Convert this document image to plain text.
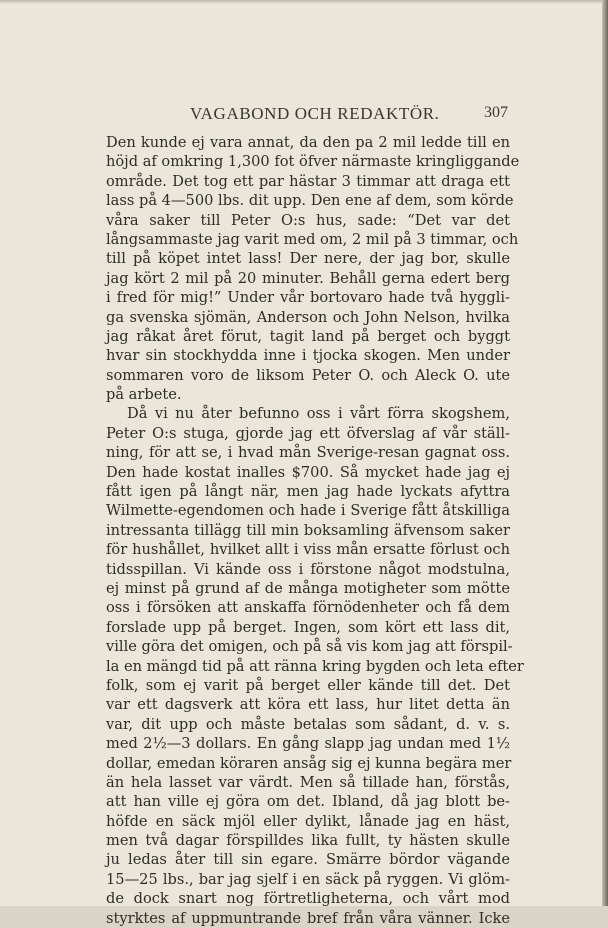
VAGABOND OCH REDAKTÖR.	307
Den kunde ej vara annat, da den pa 2 mil ledde till en
höjd af omkring 1,300 fot öfver närmaste kringliggande
område. Det tog ett par hästar 3 timmar att draga ett
lass på 4—500 lbs. dit upp. Den ene af dem, som körde
våra saker till Peter O:s hus, sade: “Det var det
långsammaste jag varit med om, 2 mil på 3 timmar, och
till på köpet intet lass! Der nere, der jag bor, skulle
jag kört 2 mil på 20 minuter. Behåll gerna edert berg
i fred för mig!” Under vår bortovaro hade två hyggli-
ga svenska sjömän, Anderson och John Nelson, hvilka
jag råkat året förut, tagit land på berget och byggt
hvar sin stockhydda inne i tjocka skogen. Men under
sommaren voro de liksom Peter O. och Aleck O. ute
på arbete.
Då vi nu åter befunno oss i vårt förra skogshem,
Peter O:s stuga, gjorde jag ett öfverslag af vår ställ-
ning, för att se, i hvad mån Sverige-resan gagnat oss.
Den hade kostat inalles $700. Så mycket hade jag ej
fått igen på långt när, men jag hade lyckats afyttra
Wilmette-egendomen och hade i Sverige fått åtskilliga
intressanta tillägg till min boksamling äfvensom saker
för hushållet, hvilket allt i viss mån ersatte förlust och
tidsspillan. Vi kände oss i förstone något modstulna,
ej minst på grund af de många motigheter som mötte
oss i försöken att anskaffa förnödenheter och få dem
forslade upp på berget. Ingen, som kört ett lass dit,
ville göra det omigen, och på så vis kom jag att förspil-
la en mängd tid på att ränna kring bygden och leta efter
folk, som ej varit på berget eller kände till det. Det
var ett dagsverk att köra ett lass, hur litet detta än
var, dit upp och måste betalas som sådant, d. v. s.
med 2½—3 dollars. En gång slapp jag undan med 1½
dollar, emedan köraren ansåg sig ej kunna begära mer
än hela lasset var värdt. Men så tillade han, förstås,
att han ville ej göra om det. Ibland, då jag blott be-
höfde en säck mjöl eller dylikt, lånade jag en häst,
men två dagar förspilldes lika fullt, ty hästen skulle
ju ledas åter till sin egare. Smärre bördor vägande
15—25 lbs., bar jag sjelf i en säck på ryggen. Vi glöm-
de dock snart nog förtretligheterna, och vårt mod
styrktes af uppmuntrande bref från våra vänner. Icke
